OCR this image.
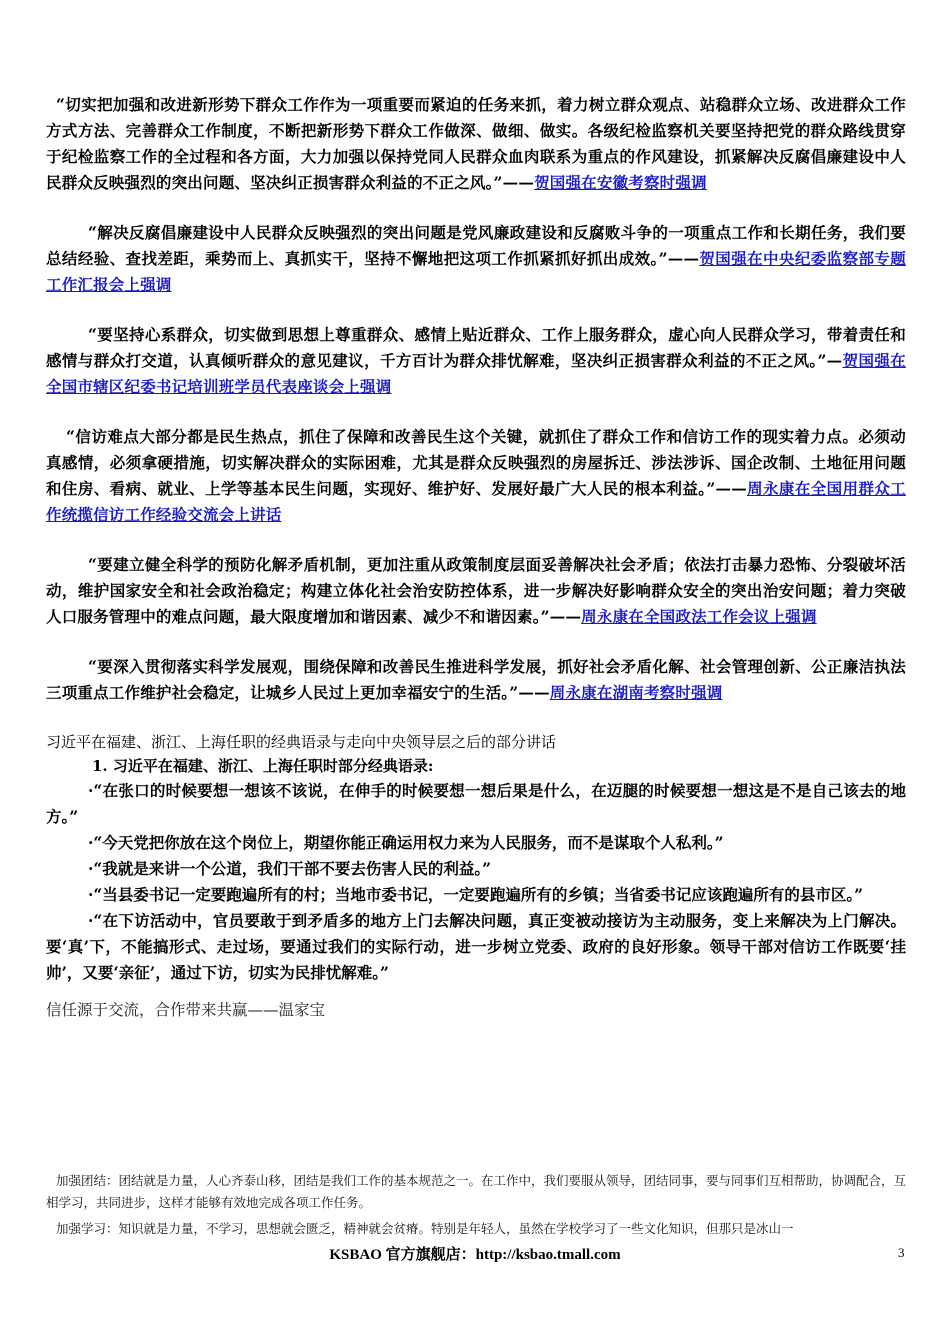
“切实把加强和改进新形势下群众工作作为一项重要而紧迫的任务来抓，着力树立群众观点、站稳群众立场、改进群众工作方式方法、完善群众工作制度，不断把新形势下群众工作做深、做细、做实。各级纪检监察机关要坚持把党的群众路线贯穿于纪检监察工作的全过程和各方面，大力加强以保持党同人民群众血肉联系为重点的作风建设，抓紧解决反腐倡廉建设中人民群众反映强烈的突出问题、坚决纠正损害群众利益的不正之风。”——贺国强在安徽考察时强调

“解决反腐倡廉建设中人民群众反映强烈的突出问题是党风廉政建设和反腐败斗争的一项重点工作和长期任务，我们要总结经验、查找差距，乘势而上、真抓实干，坚持不懈地把这项工作抓紧抓好抓出成效。”——贺国强在中央纪委监察部专题工作汇报会上强调

“要坚持心系群众，切实做到思想上尊重群众、感情上贴近群众、工作上服务群众，虚心向人民群众学习，带着责任和感情与群众打交道，认真倾听群众的意见建议，千方百计为群众排忧解难，坚决纠正损害群众利益的不正之风。”—贺国强在全国市辖区纪委书记培训班学员代表座谈会上强调

“信访难点大部分都是民生热点，抓住了保障和改善民生这个关键，就抓住了群众工作和信访工作的现实着力点。必须动真感情，必须拿硬措施，切实解决群众的实际困难，尤其是群众反映强烈的房屋拆迁、涉法涉诉、国企改制、土地征用问题和住房、看病、就业、上学等基本民生问题，实现好、维护好、发展好最广大人民的根本利益。”——周永康在全国用群众工作统揽信访工作经验交流会上讲话

“要建立健全科学的预防化解矛盾机制，更加注重从政策制度层面妥善解决社会矛盾；依法打击暴力恐怖、分裂破坏活动，维护国家安全和社会政治稳定；构建立体化社会治安防控体系，进一步解决好影响群众安全的突出治安问题；着力突破人口服务管理中的难点问题，最大限度增加和谐因素、减少不和谐因素。”——周永康在全国政法工作会议上强调

“要深入贯彻落实科学发展观，围绕保障和改善民生推进科学发展，抓好社会矛盾化解、社会管理创新、公正廉洁执法三项重点工作维护社会稳定，让城乡人民过上更加幸福安宁的生活。”——周永康在湖南考察时强调

习近平在福建、浙江、上海任职的经典语录与走向中央领导层之后的部分讲话

1. 习近平在福建、浙江、上海任职时部分经典语录:

·“在张口的时候要想一想该不该说，在伸手的时候要想一想后果是什么，在迈腿的时候要想一想这是不是自己该去的地方。”

·“今天党把你放在这个岗位上，期望你能正确运用权力来为人民服务，而不是谋取个人私利。”

·“我就是来讲一个公道，我们干部不要去伤害人民的利益。”

·“当县委书记一定要跑遍所有的村；当地市委书记，一定要跑遍所有的乡镇；当省委书记应该跑遍所有的县市区。”

·“在下访活动中，官员要敢于到矛盾多的地方上门去解决问题，真正变被动接访为主动服务，变上来解决为上门解决。要‘真’下，不能搞形式、走过场，要通过我们的实际行动，进一步树立党委、政府的良好形象。领导干部对信访工作既要‘挂帅’，又要‘亲征’，通过下访，切实为民排忧解难。”

信任源于交流，合作带来共赢——温家宝

加强团结：团结就是力量，人心齐泰山移，团结是我们工作的基本规范之一。在工作中，我们要服从领导，团结同事，要与同事们互相帮助，协调配合，互相学习，共同进步，这样才能够有效地完成各项工作任务。

加强学习：知识就是力量，不学习，思想就会匮乏，精神就会贫瘠。特别是年轻人，虽然在学校学习了一些文化知识，但那只是冰山一

KSBAO 官方旗舰店：http://ksbao.tmall.com	3
